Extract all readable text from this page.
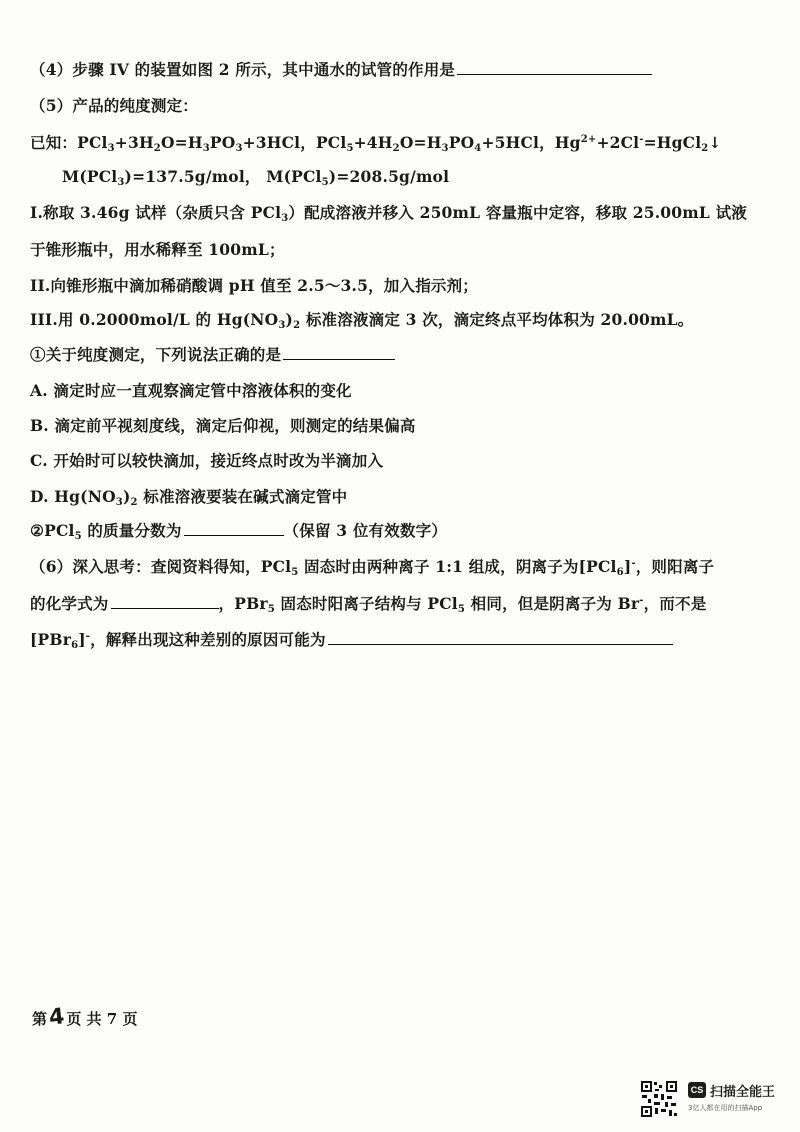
（4）步骤 IV 的装置如图 2 所示，其中通水的试管的作用是
（5）产品的纯度测定：
已知：$PCl_3+3H_2O=H_3PO_3+3HCl$，$PCl_5+4H_2O=H_3PO_4+5HCl$，$Hg^{2+}+2Cl^-=HgCl_2↓$
M(PCl$_3$)=137.5g/mol， M(PCl$_5$)=208.5g/mol
I.称取 3.46g 试样（杂质只含 PCl$_3$）配成溶液并移入 250mL 容量瓶中定容，移取 25.00mL 试液
于锥形瓶中，用水稀释至 100mL；
II.向锥形瓶中滴加稀硝酸调 pH 值至 2.5～3.5，加入指示剂；
III.用 0.2000mol/L 的 $Hg(NO_3)_2$ 标准溶液滴定 3 次，滴定终点平均体积为 20.00mL。
①关于纯度测定，下列说法正确的是
A. 滴定时应一直观察滴定管中溶液体积的变化
B. 滴定前平视刻度线，滴定后仰视，则测定的结果偏高
C. 开始时可以较快滴加，接近终点时改为半滴加入
D. $Hg(NO_3)_2$ 标准溶液要装在碱式滴定管中
②PCl$_5$ 的质量分数为	（保留 3 位有效数字）
（6）深入思考：查阅资料得知，PCl$_5$ 固态时由两种离子 1:1 组成，阴离子为[PCl$_6$]-，则阳离子
的化学式为	，PBr$_5$ 固态时阳离子结构与 PCl$_5$ 相同，但是阴离子为 Br-，而不是
[PBr$_6$]-，解释出现这种差别的原因可能为
第4页 共 7 页
CS 扫描全能王
3亿人都在用的扫描App
